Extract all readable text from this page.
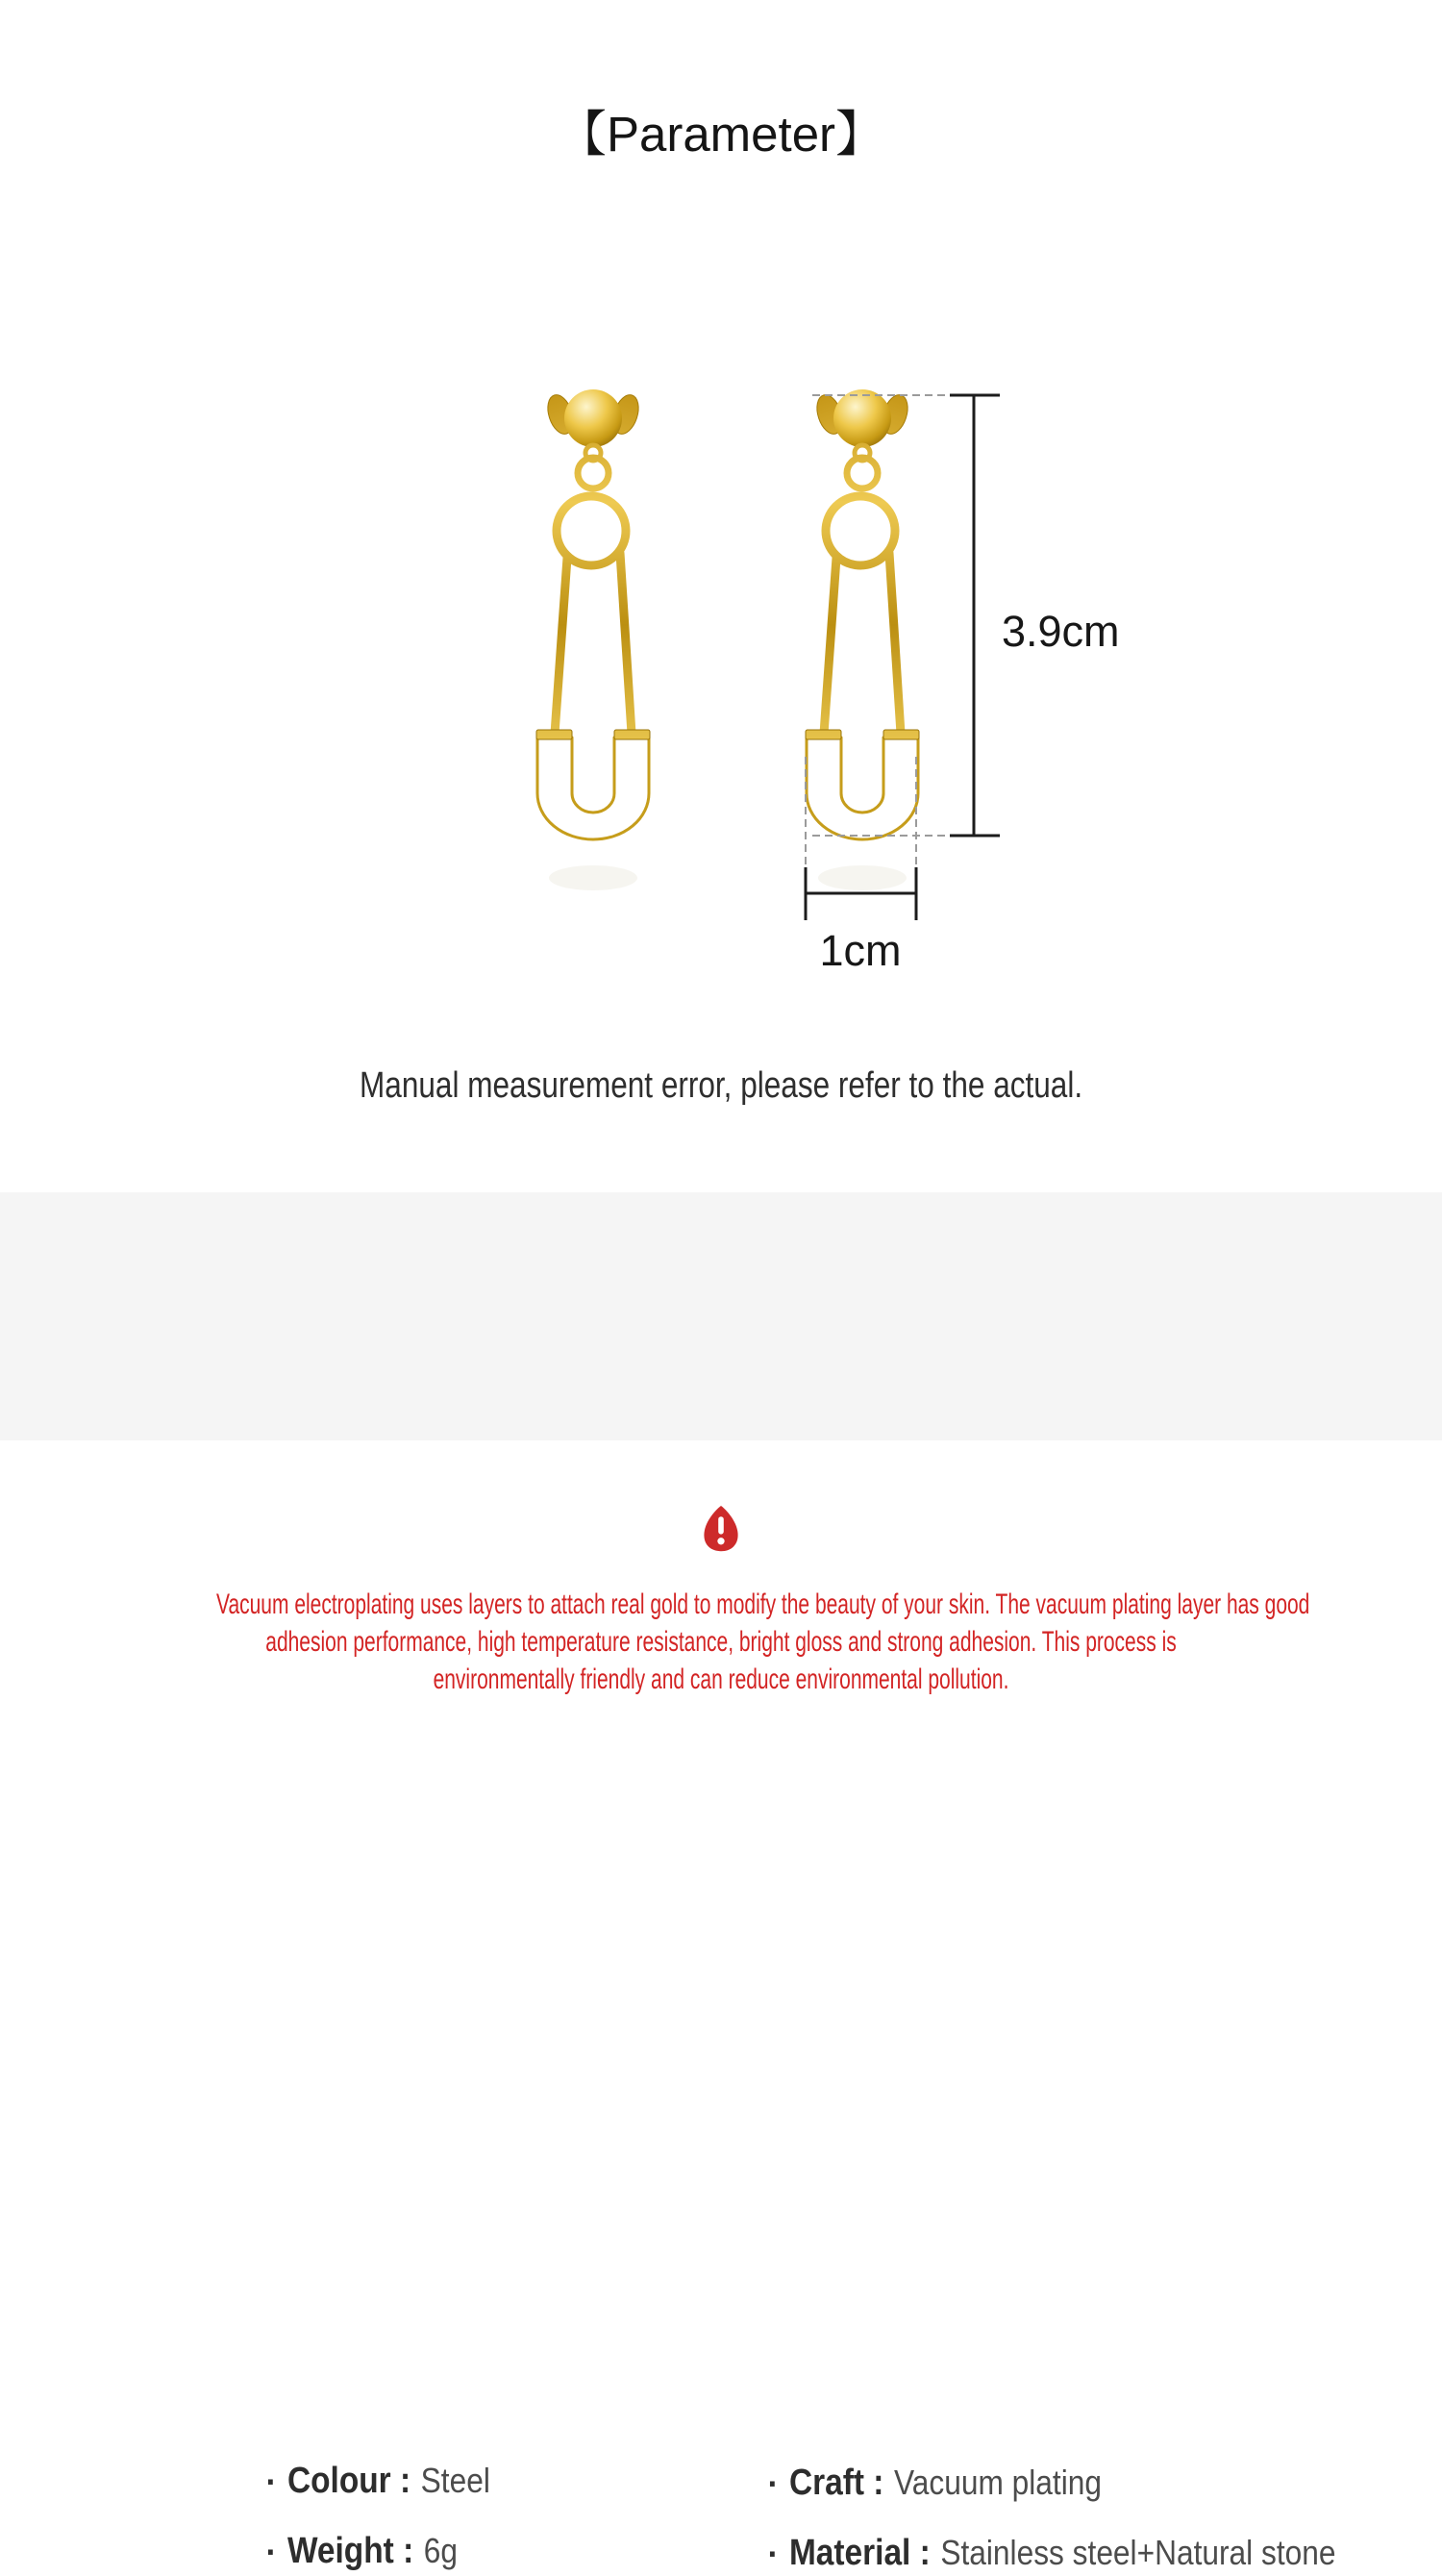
【Parameter】
3.9cm
1cm
Manual measurement error, please refer to the actual.
▪ Colour : Steel	▪ Craft : Vacuum plating
▪ Weight : 6g	▪ Material : Stainless steel+Natural stone
Vacuum electroplating uses layers to attach real gold to modify the beauty of your skin. The vacuum plating layer has good
adhesion performance, high temperature resistance, bright gloss and strong adhesion. This process is
environmentally friendly and can reduce environmental pollution.
